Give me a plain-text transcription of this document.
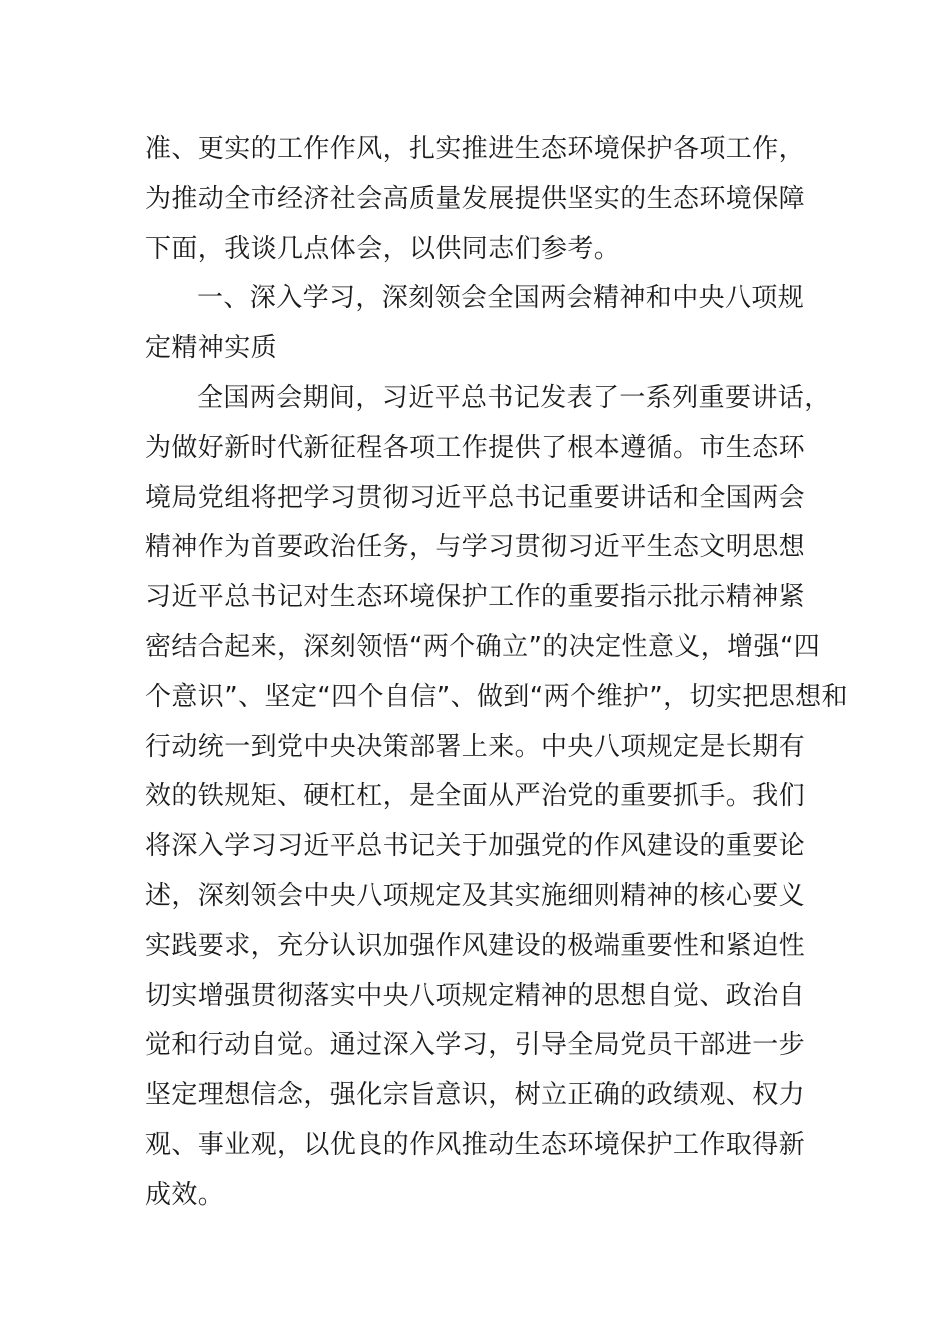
准、更实的工作作风，扎实推进生态环境保护各项工作，
为推动全市经济社会高质量发展提供坚实的生态环境保障
下面，我谈几点体会，以供同志们参考。
一、深入学习，深刻领会全国两会精神和中央八项规
定精神实质
全国两会期间，习近平总书记发表了一系列重要讲话，
为做好新时代新征程各项工作提供了根本遵循。市生态环
境局党组将把学习贯彻习近平总书记重要讲话和全国两会
精神作为首要政治任务，与学习贯彻习近平生态文明思想
习近平总书记对生态环境保护工作的重要指示批示精神紧
密结合起来，深刻领悟“两个确立”的决定性意义，增强“四
个意识”、坚定“四个自信”、做到“两个维护”，切实把思想和
行动统一到党中央决策部署上来。中央八项规定是长期有
效的铁规矩、硬杠杠，是全面从严治党的重要抓手。我们
将深入学习习近平总书记关于加强党的作风建设的重要论
述，深刻领会中央八项规定及其实施细则精神的核心要义
实践要求，充分认识加强作风建设的极端重要性和紧迫性
切实增强贯彻落实中央八项规定精神的思想自觉、政治自
觉和行动自觉。通过深入学习，引导全局党员干部进一步
坚定理想信念，强化宗旨意识，树立正确的政绩观、权力
观、事业观，以优良的作风推动生态环境保护工作取得新
成效。
